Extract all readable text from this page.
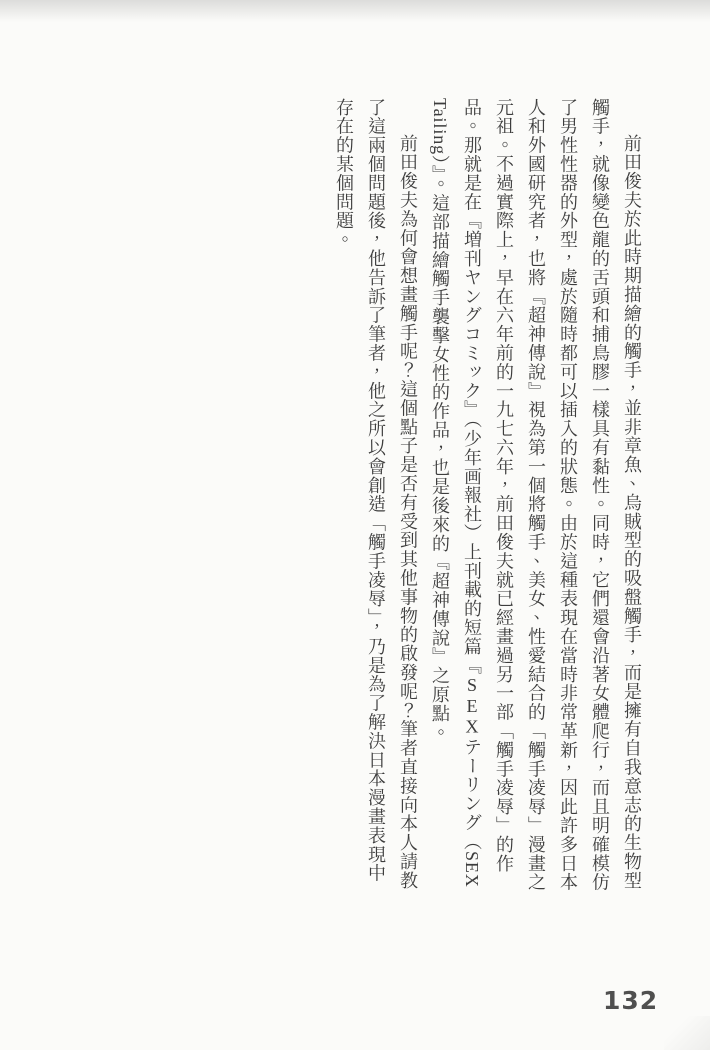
前田俊夫於此時期描繪的觸手，並非章魚、烏賊型的吸盤觸手，而是擁有自我意志的生物型觸手，就像變色龍的舌頭和捕鳥膠一樣具有黏性。同時，它們還會沿著女體爬行，而且明確模仿了男性性器的外型，處於隨時都可以插入的狀態。由於這種表現在當時非常革新，因此許多日本人和外國研究者，也將『超神傳說』視為第一個將觸手、美女、性愛結合的「觸手凌辱」漫畫之元祖。不過實際上，早在六年前的一九七六年，前田俊夫就已經畫過另一部「觸手凌辱」的作品。那就是在『増刊ヤングコミック』（少年画報社）上刊載的短篇『SEXテーリング（SEX Tailing）』。這部描繪觸手襲擊女性的作品，也是後來的『超神傳說』之原點。

前田俊夫為何會想畫觸手呢？這個點子是否有受到其他事物的啟發呢？筆者直接向本人請教了這兩個問題後，他告訴了筆者，他之所以會創造「觸手凌辱」，乃是為了解決日本漫畫表現中存在的某個問題。

132
